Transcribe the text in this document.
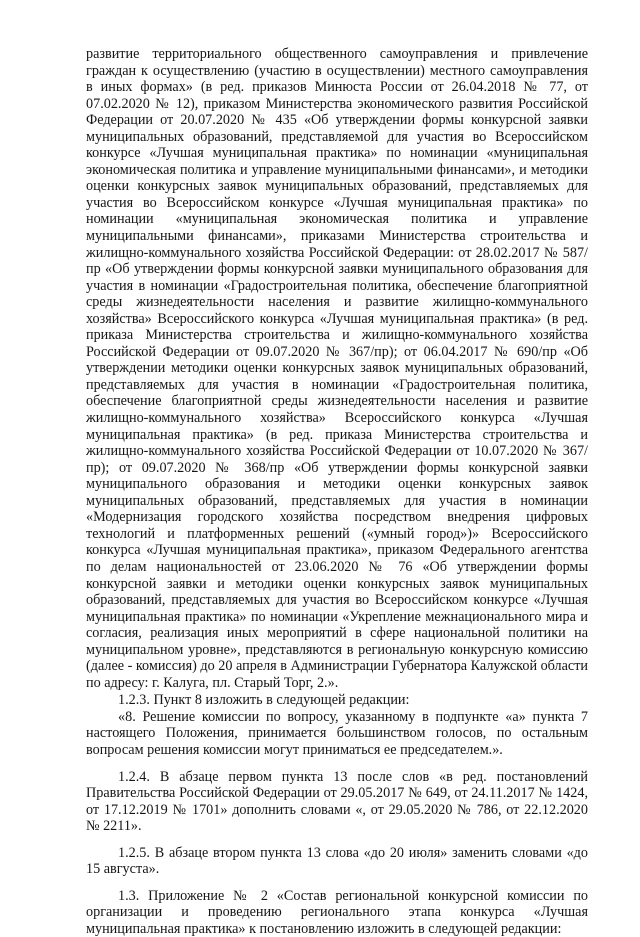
развитие территориального общественного самоуправления и привлечение граждан к осуществлению (участию в осуществлении) местного самоуправления в иных формах» (в ред. приказов Минюста России от 26.04.2018 № 77, от 07.02.2020 № 12), приказом Министерства экономического развития Российской Федерации от 20.07.2020 № 435 «Об утверждении формы конкурсной заявки муниципальных образований, представляемой для участия во Всероссийском конкурсе «Лучшая муниципальная практика» по номинации «муниципальная экономическая политика и управление муниципальными финансами», и методики оценки конкурсных заявок муниципальных образований, представляемых для участия во Всероссийском конкурсе «Лучшая муниципальная практика» по номинации «муниципальная экономическая политика и управление муниципальными финансами», приказами Министерства строительства и жилищно-коммунального хозяйства Российской Федерации: от 28.02.2017 № 587/пр «Об утверждении формы конкурсной заявки муниципального образования для участия в номинации «Градостроительная политика, обеспечение благоприятной среды жизнедеятельности населения и развитие жилищно-коммунального хозяйства» Всероссийского конкурса «Лучшая муниципальная практика» (в ред. приказа Министерства строительства и жилищно-коммунального хозяйства Российской Федерации от 09.07.2020 № 367/пр); от 06.04.2017 № 690/пр «Об утверждении методики оценки конкурсных заявок муниципальных образований, представляемых для участия в номинации «Градостроительная политика, обеспечение благоприятной среды жизнедеятельности населения и развитие жилищно-коммунального хозяйства» Всероссийского конкурса «Лучшая муниципальная практика» (в ред. приказа Министерства строительства и жилищно-коммунального хозяйства Российской Федерации от 10.07.2020 № 367/пр); от 09.07.2020 № 368/пр «Об утверждении формы конкурсной заявки муниципального образования и методики оценки конкурсных заявок муниципальных образований, представляемых для участия в номинации «Модернизация городского хозяйства посредством внедрения цифровых технологий и платформенных решений («умный город»)» Всероссийского конкурса «Лучшая муниципальная практика», приказом Федерального агентства по делам национальностей от 23.06.2020 № 76 «Об утверждении формы конкурсной заявки и методики оценки конкурсных заявок муниципальных образований, представляемых для участия во Всероссийском конкурсе «Лучшая муниципальная практика» по номинации «Укрепление межнационального мира и согласия, реализация иных мероприятий в сфере национальной политики на муниципальном уровне», представляются в региональную конкурсную комиссию (далее - комиссия) до 20 апреля в Администрации Губернатора Калужской области по адресу: г. Калуга, пл. Старый Торг, 2.».

1.2.3. Пункт 8 изложить в следующей редакции:

«8. Решение комиссии по вопросу, указанному в подпункте «а» пункта 7 настоящего Положения, принимается большинством голосов, по остальным вопросам решения комиссии могут приниматься ее председателем.».

1.2.4. В абзаце первом пункта 13 после слов «в ред. постановлений Правительства Российской Федерации от 29.05.2017 № 649, от 24.11.2017 № 1424, от 17.12.2019 № 1701» дополнить словами «, от 29.05.2020 № 786, от 22.12.2020 № 2211».

1.2.5. В абзаце втором пункта 13 слова «до 20 июля» заменить словами «до 15 августа».

1.3. Приложение № 2 «Состав региональной конкурсной комиссии по организации и проведению регионального этапа конкурса «Лучшая муниципальная практика» к постановлению изложить в следующей редакции:
